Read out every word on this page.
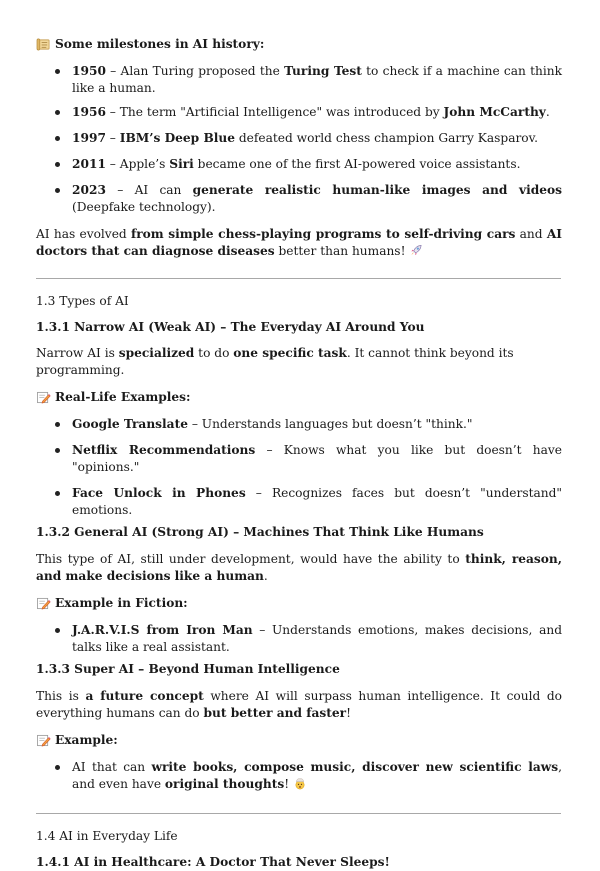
Some milestones in AI history:

1950 – Alan Turing proposed the Turing Test to check if a machine can think like a human.
1956 – The term "Artificial Intelligence" was introduced by John McCarthy.
1997 – IBM’s Deep Blue defeated world chess champion Garry Kasparov.
2011 – Apple’s Siri became one of the first AI-powered voice assistants.
2023 – AI can generate realistic human-like images and videos (Deepfake technology).

AI has evolved from simple chess-playing programs to self-driving cars and AI doctors that can diagnose diseases better than humans!

1.3 Types of AI

1.3.1 Narrow AI (Weak AI) – The Everyday AI Around You

Narrow AI is specialized to do one specific task. It cannot think beyond its programming.

Real-Life Examples:

Google Translate – Understands languages but doesn’t "think."
Netflix Recommendations – Knows what you like but doesn’t have "opinions."
Face Unlock in Phones – Recognizes faces but doesn’t "understand" emotions.

1.3.2 General AI (Strong AI) – Machines That Think Like Humans

This type of AI, still under development, would have the ability to think, reason, and make decisions like a human.

Example in Fiction:

J.A.R.V.I.S from Iron Man – Understands emotions, makes decisions, and talks like a real assistant.

1.3.3 Super AI – Beyond Human Intelligence

This is a future concept where AI will surpass human intelligence. It could do everything humans can do but better and faster!

Example:

AI that can write books, compose music, discover new scientific laws, and even have original thoughts!

1.4 AI in Everyday Life

1.4.1 AI in Healthcare: A Doctor That Never Sleeps!
